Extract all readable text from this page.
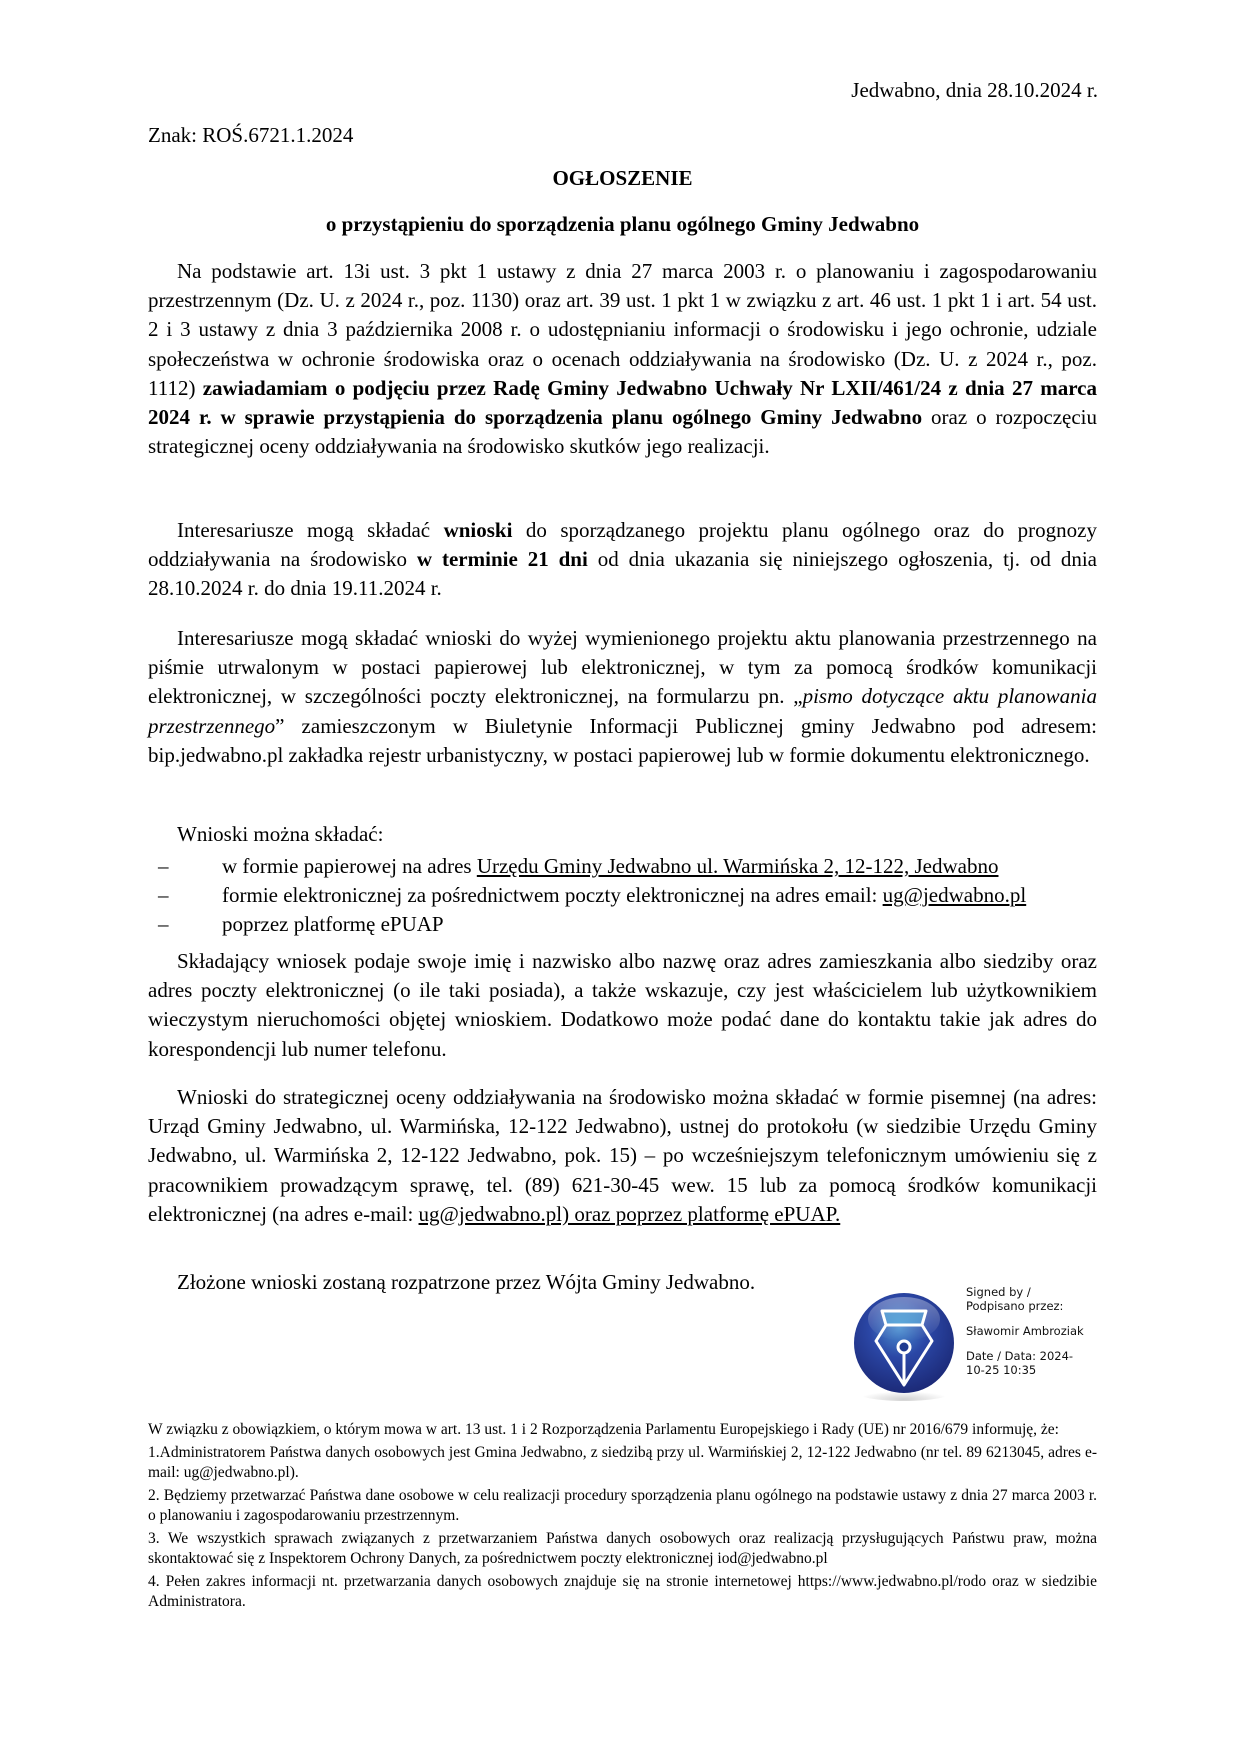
Jedwabno, dnia 28.10.2024 r.
Znak: ROŚ.6721.1.2024
OGŁOSZENIE
o przystąpieniu do sporządzenia planu ogólnego Gminy Jedwabno
Na podstawie art. 13i ust. 3 pkt 1 ustawy z dnia 27 marca 2003 r. o planowaniu i zagospodarowaniu przestrzennym (Dz. U. z 2024 r., poz. 1130) oraz art. 39 ust. 1 pkt 1 w związku z art. 46 ust. 1 pkt 1 i art. 54 ust. 2 i 3 ustawy z dnia 3 października 2008 r. o udostępnianiu informacji o środowisku i jego ochronie, udziale społeczeństwa w ochronie środowiska oraz o ocenach oddziaływania na środowisko (Dz. U. z 2024 r., poz. 1112) zawiadamiam o podjęciu przez Radę Gminy Jedwabno Uchwały Nr LXII/461/24 z dnia 27 marca 2024 r. w sprawie przystąpienia do sporządzenia planu ogólnego Gminy Jedwabno oraz o rozpoczęciu strategicznej oceny oddziaływania na środowisko skutków jego realizacji.
Interesariusze mogą składać wnioski do sporządzanego projektu planu ogólnego oraz do prognozy oddziaływania na środowisko w terminie 21 dni od dnia ukazania się niniejszego ogłoszenia, tj. od dnia 28.10.2024 r. do dnia 19.11.2024 r.
Interesariusze mogą składać wnioski do wyżej wymienionego projektu aktu planowania przestrzennego na piśmie utrwalonym w postaci papierowej lub elektronicznej, w tym za pomocą środków komunikacji elektronicznej, w szczególności poczty elektronicznej, na formularzu pn. „pismo dotyczące aktu planowania przestrzennego” zamieszczonym w Biuletynie Informacji Publicznej gminy Jedwabno pod adresem: bip.jedwabno.pl zakładka rejestr urbanistyczny, w postaci papierowej lub w formie dokumentu elektronicznego.
Wnioski można składać:
–	w formie papierowej na adres Urzędu Gminy Jedwabno ul. Warmińska 2, 12-122, Jedwabno
–	formie elektronicznej za pośrednictwem poczty elektronicznej na adres email: ug@jedwabno.pl
–	poprzez platformę ePUAP
Składający wniosek podaje swoje imię i nazwisko albo nazwę oraz adres zamieszkania albo siedziby oraz adres poczty elektronicznej (o ile taki posiada), a także wskazuje, czy jest właścicielem lub użytkownikiem wieczystym nieruchomości objętej wnioskiem. Dodatkowo może podać dane do kontaktu takie jak adres do korespondencji lub numer telefonu.
Wnioski do strategicznej oceny oddziaływania na środowisko można składać w formie pisemnej (na adres: Urząd Gminy Jedwabno, ul. Warmińska, 12-122 Jedwabno), ustnej do protokołu (w siedzibie Urzędu Gminy Jedwabno, ul. Warmińska 2, 12-122 Jedwabno, pok. 15) – po wcześniejszym telefonicznym umówieniu się z pracownikiem prowadzącym sprawę, tel. (89) 621-30-45 wew. 15 lub za pomocą środków komunikacji elektronicznej (na adres e-mail: ug@jedwabno.pl) oraz poprzez platformę ePUAP.
Złożone wnioski zostaną rozpatrzone przez Wójta Gminy Jedwabno.	Signed by /
Podpisano przez:
Sławomir Ambroziak
Date / Data: 2024-
10-25 10:35

W związku z obowiązkiem, o którym mowa w art. 13 ust. 1 i 2 Rozporządzenia Parlamentu Europejskiego i Rady (UE) nr 2016/679 informuję, że:

1.Administratorem Państwa danych osobowych jest Gmina Jedwabno, z siedzibą przy ul. Warmińskiej 2, 12-122 Jedwabno (nr tel. 89 6213045, adres e-mail: ug@jedwabno.pl).

2. Będziemy przetwarzać Państwa dane osobowe w celu realizacji procedury sporządzenia planu ogólnego na podstawie ustawy z dnia 27 marca 2003 r. o planowaniu i zagospodarowaniu przestrzennym.

3. We wszystkich sprawach związanych z przetwarzaniem Państwa danych osobowych oraz realizacją przysługujących Państwu praw, można skontaktować się z Inspektorem Ochrony Danych, za pośrednictwem poczty elektronicznej iod@jedwabno.pl

4. Pełen zakres informacji nt. przetwarzania danych osobowych znajduje się na stronie internetowej https://www.jedwabno.pl/rodo oraz w siedzibie Administratora.
